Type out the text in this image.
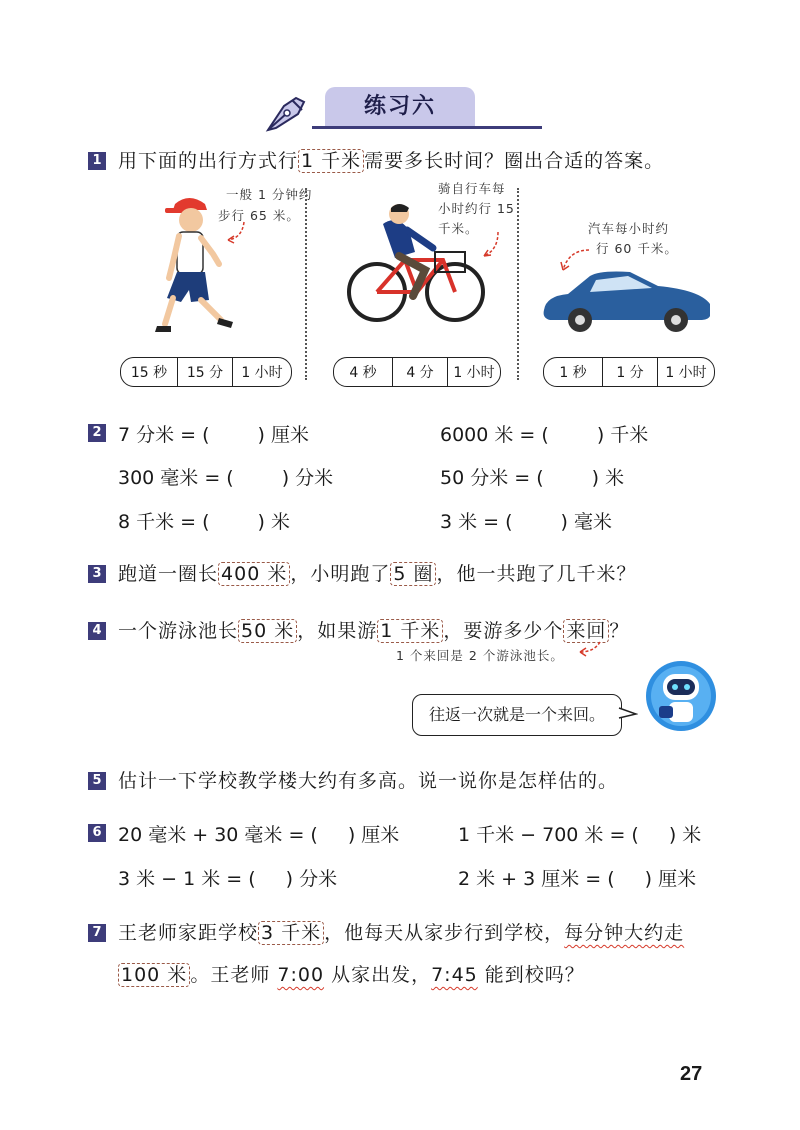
练习六
1 用下面的出行方式行 1 千米 需要多长时间？圈出合适的答案。
一般 1 分钟约
步行 65 米。
骑自行车每
小时约行 15
千米。	汽车每小时约
行 60 千米。
15 秒	15 分	1 小时	4 秒	4 分	1 小时	1 秒	1 分	1 小时
2 7 分米 = (	) 厘米	6000 米 = (	) 千米
300 毫米 = (	) 分米	50 分米 = (	) 米
8 千米 = (	) 米	3 米 = (	) 毫米
3 跑道一圈长 400 米 ，小明跑了 5 圈 ，他一共跑了几千米？
4 一个游泳池长 50 米 ，如果游 1 千米 ，要游多少个 来回 ？
1 个来回是 2 个游泳池长。
往返一次就是一个来回。
5 估计一下学校教学楼大约有多高。说一说你是怎样估的。
6 20 毫米 + 30 毫米 = ( ) 厘米	1 千米 − 700 米 = ( ) 米
3 米 − 1 米 = ( ) 分米	2 米 + 3 厘米 = ( ) 厘米
7 王老师家距学校 3 千米 ，他每天从家步行到学校，每分钟大约走
100 米 。王老师 7:00 从家出发，7:45 能到校吗？
27
